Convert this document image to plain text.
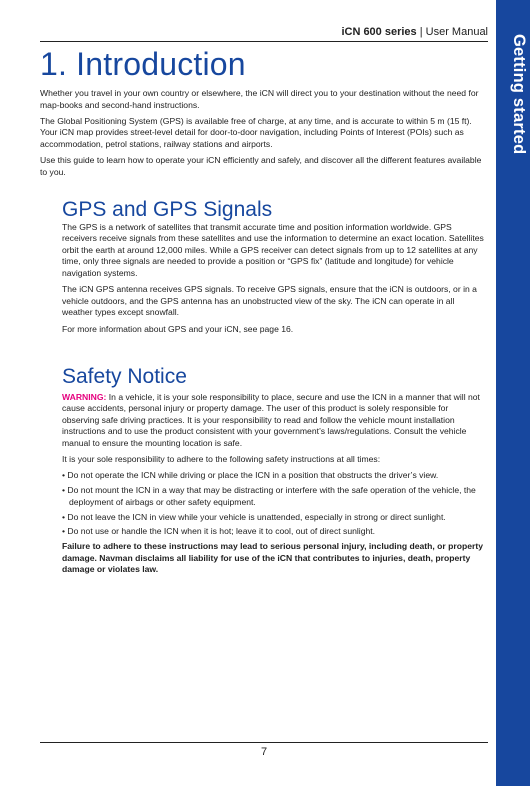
iCN 600 series | User Manual
Getting started
1. Introduction

Whether you travel in your own country or elsewhere, the iCN will direct you to your destination without the need for map-books and second-hand instructions.

The Global Positioning System (GPS) is available free of charge, at any time, and is accurate to within 5 m (15 ft). Your iCN map provides street-level detail for door-to-door navigation, including Points of Interest (POIs) such as accommodation, petrol stations, railway stations and airports.

Use this guide to learn how to operate your iCN efficiently and safely, and discover all the different features available to you.

GPS and GPS Signals

The GPS is a network of satellites that transmit accurate time and position information worldwide. GPS receivers receive signals from these satellites and use the information to determine an exact location. Satellites orbit the earth at around 12,000 miles. While a GPS receiver can detect signals from up to 12 satellites at any time, only three signals are needed to provide a position or “GPS fix” (latitude and longitude) for vehicle navigation systems.

The iCN GPS antenna receives GPS signals. To receive GPS signals, ensure that the iCN is outdoors, or in a vehicle outdoors, and the GPS antenna has an unobstructed view of the sky. The iCN can operate in all weather types except snowfall.

For more information about GPS and your iCN, see page 16.

Safety Notice

WARNING: In a vehicle, it is your sole responsibility to place, secure and use the ICN in a manner that will not cause accidents, personal injury or property damage. The user of this product is solely responsible for observing safe driving practices. It is your responsibility to read and follow the vehicle mount installation instructions and to use the product consistent with your government’s laws/regulations. Consult the vehicle manual to ensure the mounting location is safe.

It is your sole responsibility to adhere to the following safety instructions at all times:

• Do not operate the ICN while driving or place the ICN in a position that obstructs the driver’s view.
• Do not mount the ICN in a way that may be distracting or interfere with the safe operation of the vehicle, the deployment of airbags or other safety equipment.
• Do not leave the ICN in view while your vehicle is unattended, especially in strong or direct sunlight.
• Do not use or handle the ICN when it is hot; leave it to cool, out of direct sunlight.

Failure to adhere to these instructions may lead to serious personal injury, including death, or property damage. Navman disclaims all liability for use of the iCN that contributes to injuries, death, property damage or violates law.

7
